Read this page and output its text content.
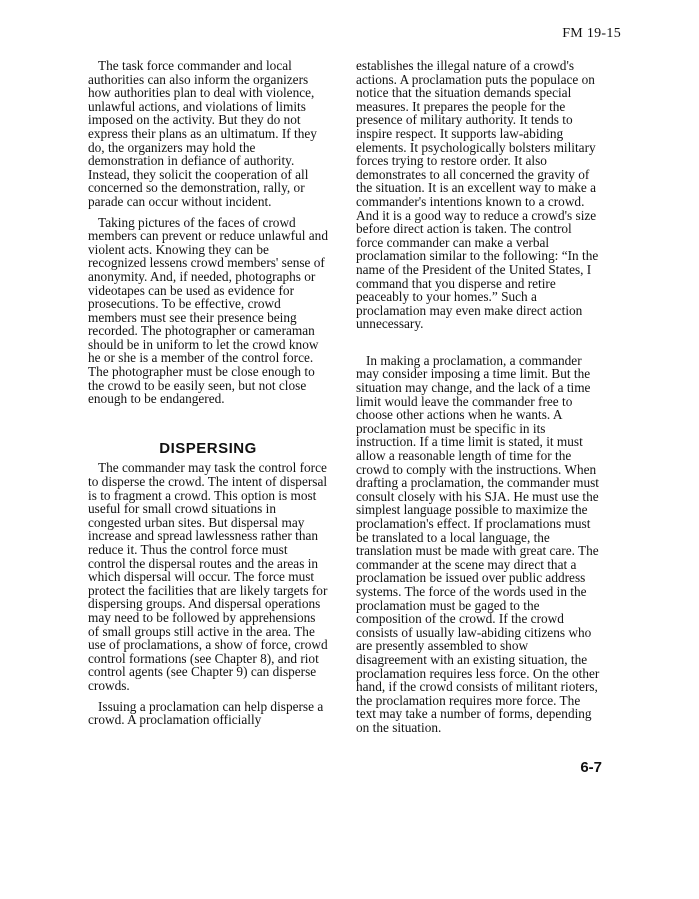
FM 19-15

The task force commander and local authorities can also inform the organizers how authorities plan to deal with violence, unlawful actions, and violations of limits imposed on the activity. But they do not express their plans as an ultimatum. If they do, the organizers may hold the demonstration in defiance of authority. Instead, they solicit the cooperation of all concerned so the demonstration, rally, or parade can occur without incident.

Taking pictures of the faces of crowd members can prevent or reduce unlawful and violent acts. Knowing they can be recognized lessens crowd members' sense of anonymity. And, if needed, photographs or videotapes can be used as evidence for prosecutions. To be effective, crowd members must see their presence being recorded. The photographer or cameraman should be in uniform to let the crowd know he or she is a member of the control force. The photographer must be close enough to the crowd to be easily seen, but not close enough to be endangered.

DISPERSING

The commander may task the control force to disperse the crowd. The intent of dispersal is to fragment a crowd. This option is most useful for small crowd situations in congested urban sites. But dispersal may increase and spread lawlessness rather than reduce it. Thus the control force must control the dispersal routes and the areas in which dispersal will occur. The force must protect the facilities that are likely targets for dispersing groups. And dispersal operations may need to be followed by apprehensions of small groups still active in the area. The use of proclamations, a show of force, crowd control formations (see Chapter 8), and riot control agents (see Chapter 9) can disperse crowds.

Issuing a proclamation can help disperse a crowd. A proclamation officially

establishes the illegal nature of a crowd's actions. A proclamation puts the populace on notice that the situation demands special measures. It prepares the people for the presence of military authority. It tends to inspire respect. It supports law-abiding elements. It psychologically bolsters military forces trying to restore order. It also demonstrates to all concerned the gravity of the situation. It is an excellent way to make a commander's intentions known to a crowd. And it is a good way to reduce a crowd's size before direct action is taken. The control force commander can make a verbal proclamation similar to the following: “In the name of the President of the United States, I command that you disperse and retire peaceably to your homes.” Such a proclamation may even make direct action unnecessary.

In making a proclamation, a commander may consider imposing a time limit. But the situation may change, and the lack of a time limit would leave the commander free to choose other actions when he wants. A proclamation must be specific in its instruction. If a time limit is stated, it must allow a reasonable length of time for the crowd to comply with the instructions. When drafting a proclamation, the commander must consult closely with his SJA. He must use the simplest language possible to maximize the proclamation's effect. If proclamations must be translated to a local language, the translation must be made with great care. The commander at the scene may direct that a proclamation be issued over public address systems. The force of the words used in the proclamation must be gaged to the composition of the crowd. If the crowd consists of usually law-abiding citizens who are presently assembled to show disagreement with an existing situation, the proclamation requires less force. On the other hand, if the crowd consists of militant rioters, the proclamation requires more force. The text may take a number of forms, depending on the situation.

6-7
